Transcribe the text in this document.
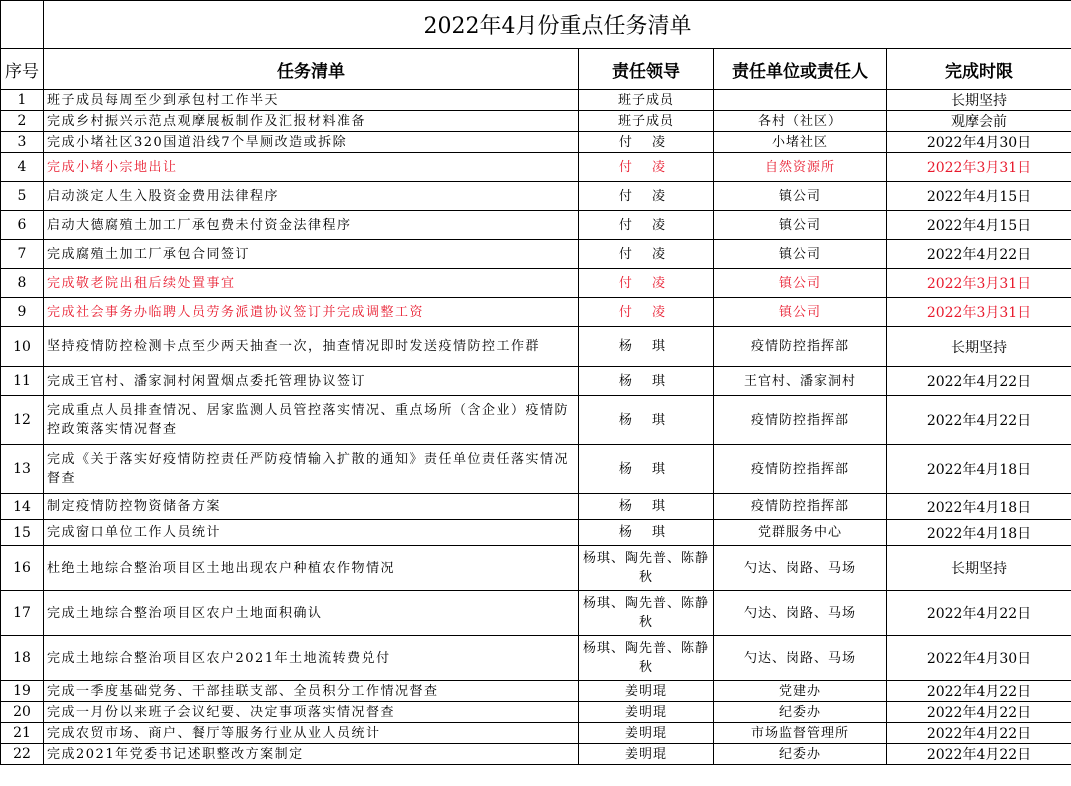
	2022年4月份重点任务清单			
序号	任务清单	责任领导	责任单位或责任人	完成时限
1	班子成员每周至少到承包村工作半天	班子成员		长期坚持
2	完成乡村振兴示范点观摩展板制作及汇报材料准备	班子成员	各村（社区）	观摩会前
3	完成小堵社区320国道沿线7个旱厕改造或拆除	付 凌	小堵社区	2022年4月30日
4	完成小堵小宗地出让	付 凌	自然资源所	2022年3月31日
5	启动淡定人生入股资金费用法律程序	付 凌	镇公司	2022年4月15日
6	启动大德腐殖土加工厂承包费未付资金法律程序	付 凌	镇公司	2022年4月15日
7	完成腐殖土加工厂承包合同签订	付 凌	镇公司	2022年4月22日
8	完成敬老院出租后续处置事宜	付 凌	镇公司	2022年3月31日
9	完成社会事务办临聘人员劳务派遣协议签订并完成调整工资	付 凌	镇公司	2022年3月31日
10	坚持疫情防控检测卡点至少两天抽查一次，抽查情况即时发送疫情防控工作群	杨 琪	疫情防控指挥部	长期坚持
11	完成王官村、潘家洞村闲置烟点委托管理协议签订	杨 琪	王官村、潘家洞村	2022年4月22日
12	完成重点人员排查情况、居家监测人员管控落实情况、重点场所（含企业）疫情防控政策落实情况督查	杨 琪	疫情防控指挥部	2022年4月22日
13	完成《关于落实好疫情防控责任严防疫情输入扩散的通知》责任单位责任落实情况督查	杨 琪	疫情防控指挥部	2022年4月18日
14	制定疫情防控物资储备方案	杨 琪	疫情防控指挥部	2022年4月18日
15	完成窗口单位工作人员统计	杨 琪	党群服务中心	2022年4月18日
16	杜绝土地综合整治项目区土地出现农户种植农作物情况	杨琪、陶先普、陈静秋	勺达、岗路、马场	长期坚持
17	完成土地综合整治项目区农户土地面积确认	杨琪、陶先普、陈静秋	勺达、岗路、马场	2022年4月22日
18	完成土地综合整治项目区农户2021年土地流转费兑付	杨琪、陶先普、陈静秋	勺达、岗路、马场	2022年4月30日
19	完成一季度基础党务、干部挂联支部、全员积分工作情况督查	姜明琨	党建办	2022年4月22日
20	完成一月份以来班子会议纪要、决定事项落实情况督查	姜明琨	纪委办	2022年4月22日
21	完成农贸市场、商户、餐厅等服务行业从业人员统计	姜明琨	市场监督管理所	2022年4月22日
22	完成2021年党委书记述职整改方案制定	姜明琨	纪委办	2022年4月22日
